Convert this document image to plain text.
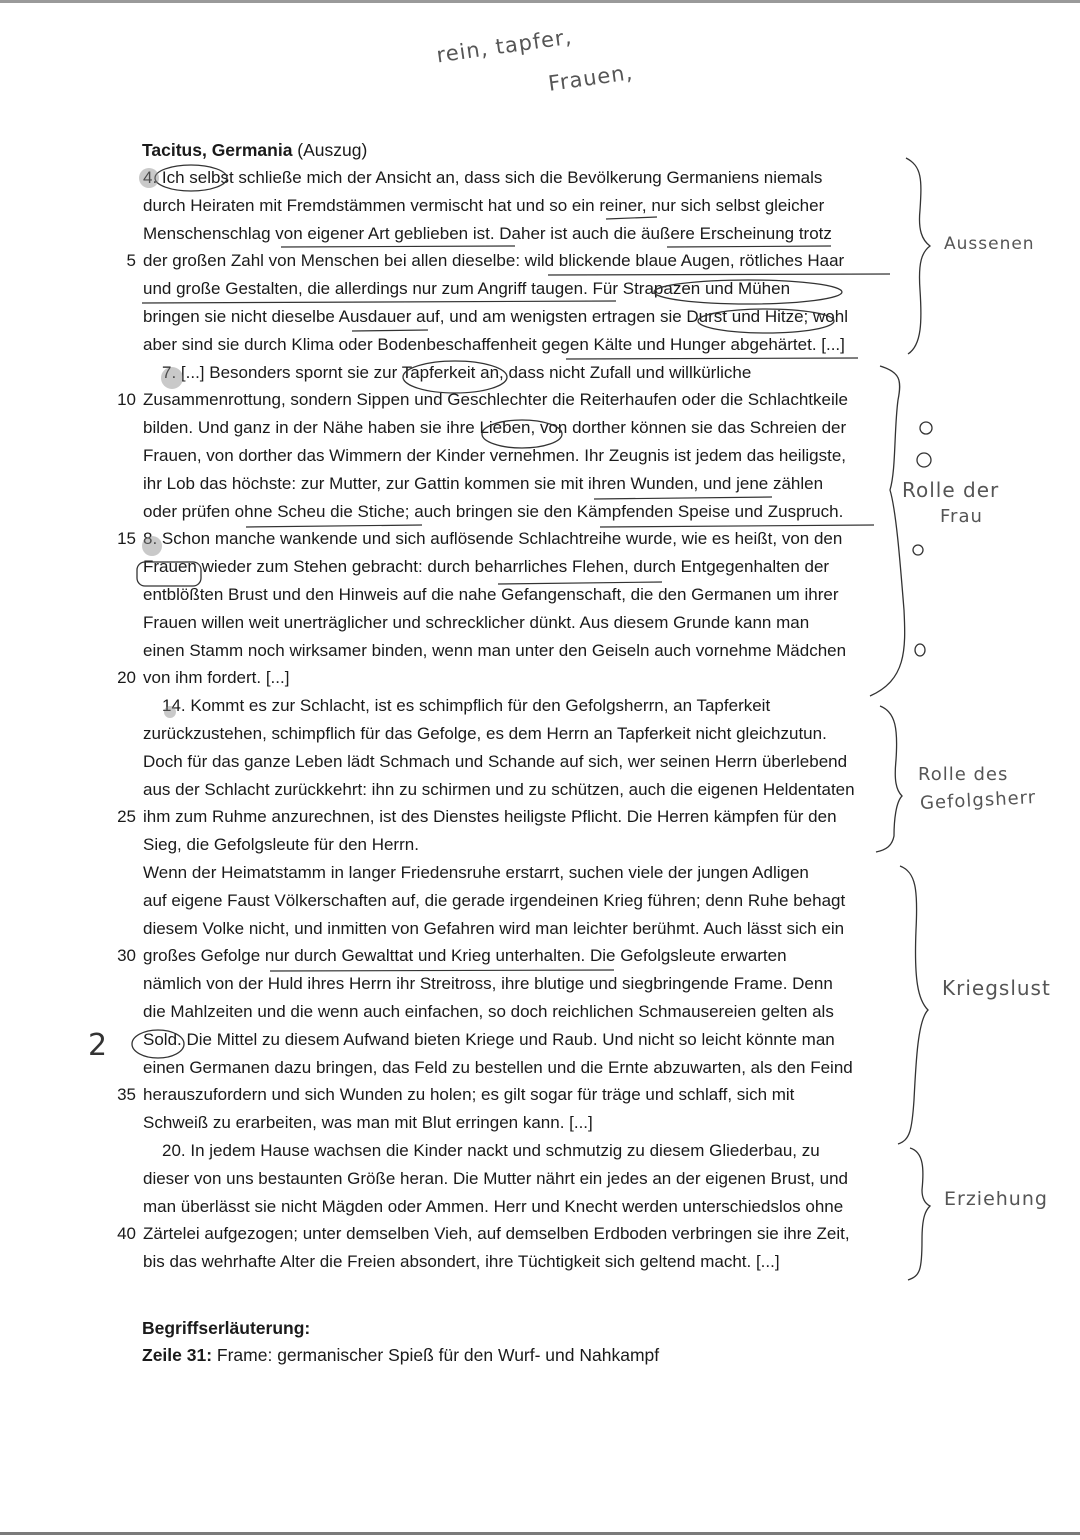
rein, tapfer,
Frauen,
Tacitus, Germania (Auszug)
4. Ich selbst schließe mich der Ansicht an, dass sich die Bevölkerung Germaniens niemals
durch Heiraten mit Fremdstämmen vermischt hat und so ein reiner, nur sich selbst gleicher
Menschenschlag von eigener Art geblieben ist. Daher ist auch die äußere Erscheinung trotz
5 der großen Zahl von Menschen bei allen dieselbe: wild blickende blaue Augen, rötliches Haar
und große Gestalten, die allerdings nur zum Angriff taugen. Für Strapazen und Mühen
bringen sie nicht dieselbe Ausdauer auf, und am wenigsten ertragen sie Durst und Hitze; wohl
aber sind sie durch Klima oder Bodenbeschaffenheit gegen Kälte und Hunger abgehärtet. [...]
7. [...] Besonders spornt sie zur Tapferkeit an, dass nicht Zufall und willkürliche
10 Zusammenrottung, sondern Sippen und Geschlechter die Reiterhaufen oder die Schlachtkeile
bilden. Und ganz in der Nähe haben sie ihre Lieben, von dorther können sie das Schreien der
Frauen, von dorther das Wimmern der Kinder vernehmen. Ihr Zeugnis ist jedem das heiligste,
ihr Lob das höchste: zur Mutter, zur Gattin kommen sie mit ihren Wunden, und jene zählen
oder prüfen ohne Scheu die Stiche; auch bringen sie den Kämpfenden Speise und Zuspruch.
15 8. Schon manche wankende und sich auflösende Schlachtreihe wurde, wie es heißt, von den
Frauen wieder zum Stehen gebracht: durch beharrliches Flehen, durch Entgegenhalten der
entblößten Brust und den Hinweis auf die nahe Gefangenschaft, die den Germanen um ihrer
Frauen willen weit unerträglicher und schrecklicher dünkt. Aus diesem Grunde kann man
einen Stamm noch wirksamer binden, wenn man unter den Geiseln auch vornehme Mädchen
20 von ihm fordert. [...]
14. Kommt es zur Schlacht, ist es schimpflich für den Gefolgsherrn, an Tapferkeit
zurückzustehen, schimpflich für das Gefolge, es dem Herrn an Tapferkeit nicht gleichzutun.
Doch für das ganze Leben lädt Schmach und Schande auf sich, wer seinen Herrn überlebend
aus der Schlacht zurückkehrt: ihn zu schirmen und zu schützen, auch die eigenen Heldentaten
25 ihm zum Ruhme anzurechnen, ist des Dienstes heiligste Pflicht. Die Herren kämpfen für den
Sieg, die Gefolgsleute für den Herrn.
Wenn der Heimatstamm in langer Friedensruhe erstarrt, suchen viele der jungen Adligen
auf eigene Faust Völkerschaften auf, die gerade irgendeinen Krieg führen; denn Ruhe behagt
diesem Volke nicht, und inmitten von Gefahren wird man leichter berühmt. Auch lässt sich ein
30 großes Gefolge nur durch Gewalttat und Krieg unterhalten. Die Gefolgsleute erwarten
nämlich von der Huld ihres Herrn ihr Streitross, ihre blutige und siegbringende Frame. Denn
die Mahlzeiten und die wenn auch einfachen, so doch reichlichen Schmausereien gelten als
Sold. Die Mittel zu diesem Aufwand bieten Kriege und Raub. Und nicht so leicht könnte man
einen Germanen dazu bringen, das Feld zu bestellen und die Ernte abzuwarten, als den Feind
35 herauszufordern und sich Wunden zu holen; es gilt sogar für träge und schlaff, sich mit
Schweiß zu erarbeiten, was man mit Blut erringen kann. [...]
20. In jedem Hause wachsen die Kinder nackt und schmutzig zu diesem Gliederbau, zu
dieser von uns bestaunten Größe heran. Die Mutter nährt ein jedes an der eigenen Brust, und
man überlässt sie nicht Mägden oder Ammen. Herr und Knecht werden unterschiedslos ohne
40 Zärtelei aufgezogen; unter demselben Vieh, auf demselben Erdboden verbringen sie ihre Zeit,
bis das wehrhafte Alter die Freien absondert, ihre Tüchtigkeit sich geltend macht. [...]
Begriffserläuterung:
Zeile 31: Frame: germanischer Spieß für den Wurf- und Nahkampf
Aussenen
Rolle der
Frau
Rolle des
Gefolgsherr
Kriegslust
Erziehung
2
